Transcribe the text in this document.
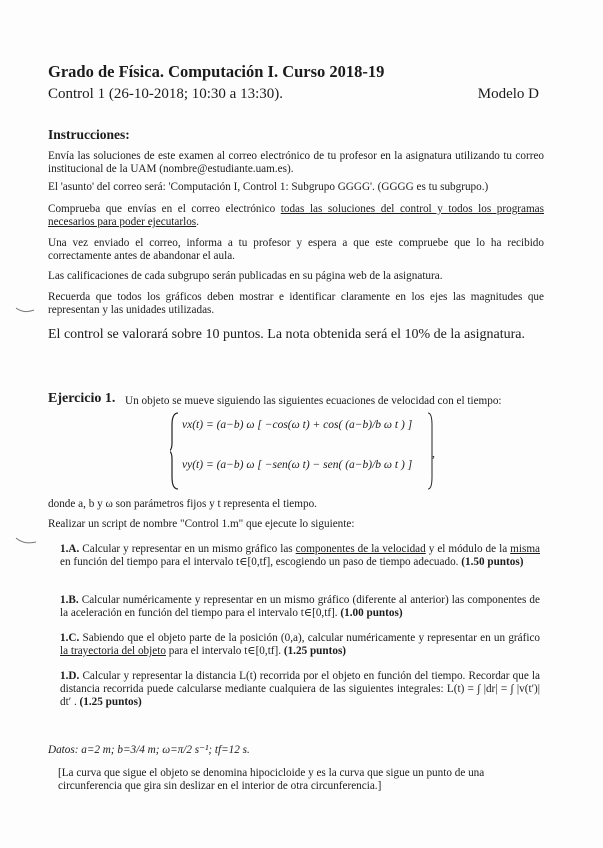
Grado de Física. Computación I. Curso 2018-19
Control 1 (26-10-2018; 10:30 a 13:30).	Modelo D
Instrucciones:
Envía las soluciones de este examen al correo electrónico de tu profesor en la asignatura utilizando tu correo institucional de la UAM (nombre@estudiante.uam.es).
El 'asunto' del correo será: 'Computación I, Control 1: Subgrupo GGGG'. (GGGG es tu subgrupo.)
Comprueba que envías en el correo electrónico todas las soluciones del control y todos los programas necesarios para poder ejecutarlos.
Una vez enviado el correo, informa a tu profesor y espera a que este compruebe que lo ha recibido correctamente antes de abandonar el aula.
Las calificaciones de cada subgrupo serán publicadas en su página web de la asignatura.
Recuerda que todos los gráficos deben mostrar e identificar claramente en los ejes las magnitudes que representan y las unidades utilizadas.
El control se valorará sobre 10 puntos. La nota obtenida será el 10% de la asignatura.
Ejercicio 1. Un objeto se mueve siguiendo las siguientes ecuaciones de velocidad con el tiempo:
vx(t) = (a−b) ω [ −cos(ω t) + cos( (a−b)/b ω t ) ]
vy(t) = (a−b) ω [ −sen(ω t) − sen( (a−b)/b ω t ) ]
,
donde a, b y ω son parámetros fijos y t representa el tiempo.
Realizar un script de nombre "Control 1.m" que ejecute lo siguiente:
1.A. Calcular y representar en un mismo gráfico las componentes de la velocidad y el módulo de la misma en función del tiempo para el intervalo t∈[0,tf], escogiendo un paso de tiempo adecuado. (1.50 puntos)
1.B. Calcular numéricamente y representar en un mismo gráfico (diferente al anterior) las componentes de la aceleración en función del tiempo para el intervalo t∈[0,tf]. (1.00 puntos)
1.C. Sabiendo que el objeto parte de la posición (0,a), calcular numéricamente y representar en un gráfico la trayectoria del objeto para el intervalo t∈[0,tf]. (1.25 puntos)
1.D. Calcular y representar la distancia L(t) recorrida por el objeto en función del tiempo. Recordar que la distancia recorrida puede calcularse mediante cualquiera de las siguientes integrales: L(t) = ∫ |dr| = ∫ |v(t′)| dt′ . (1.25 puntos)
Datos: a=2 m; b=3/4 m; ω=π/2 s⁻¹; tf=12 s.
[La curva que sigue el objeto se denomina hipocicloide y es la curva que sigue un punto de una circunferencia que gira sin deslizar en el interior de otra circunferencia.]
